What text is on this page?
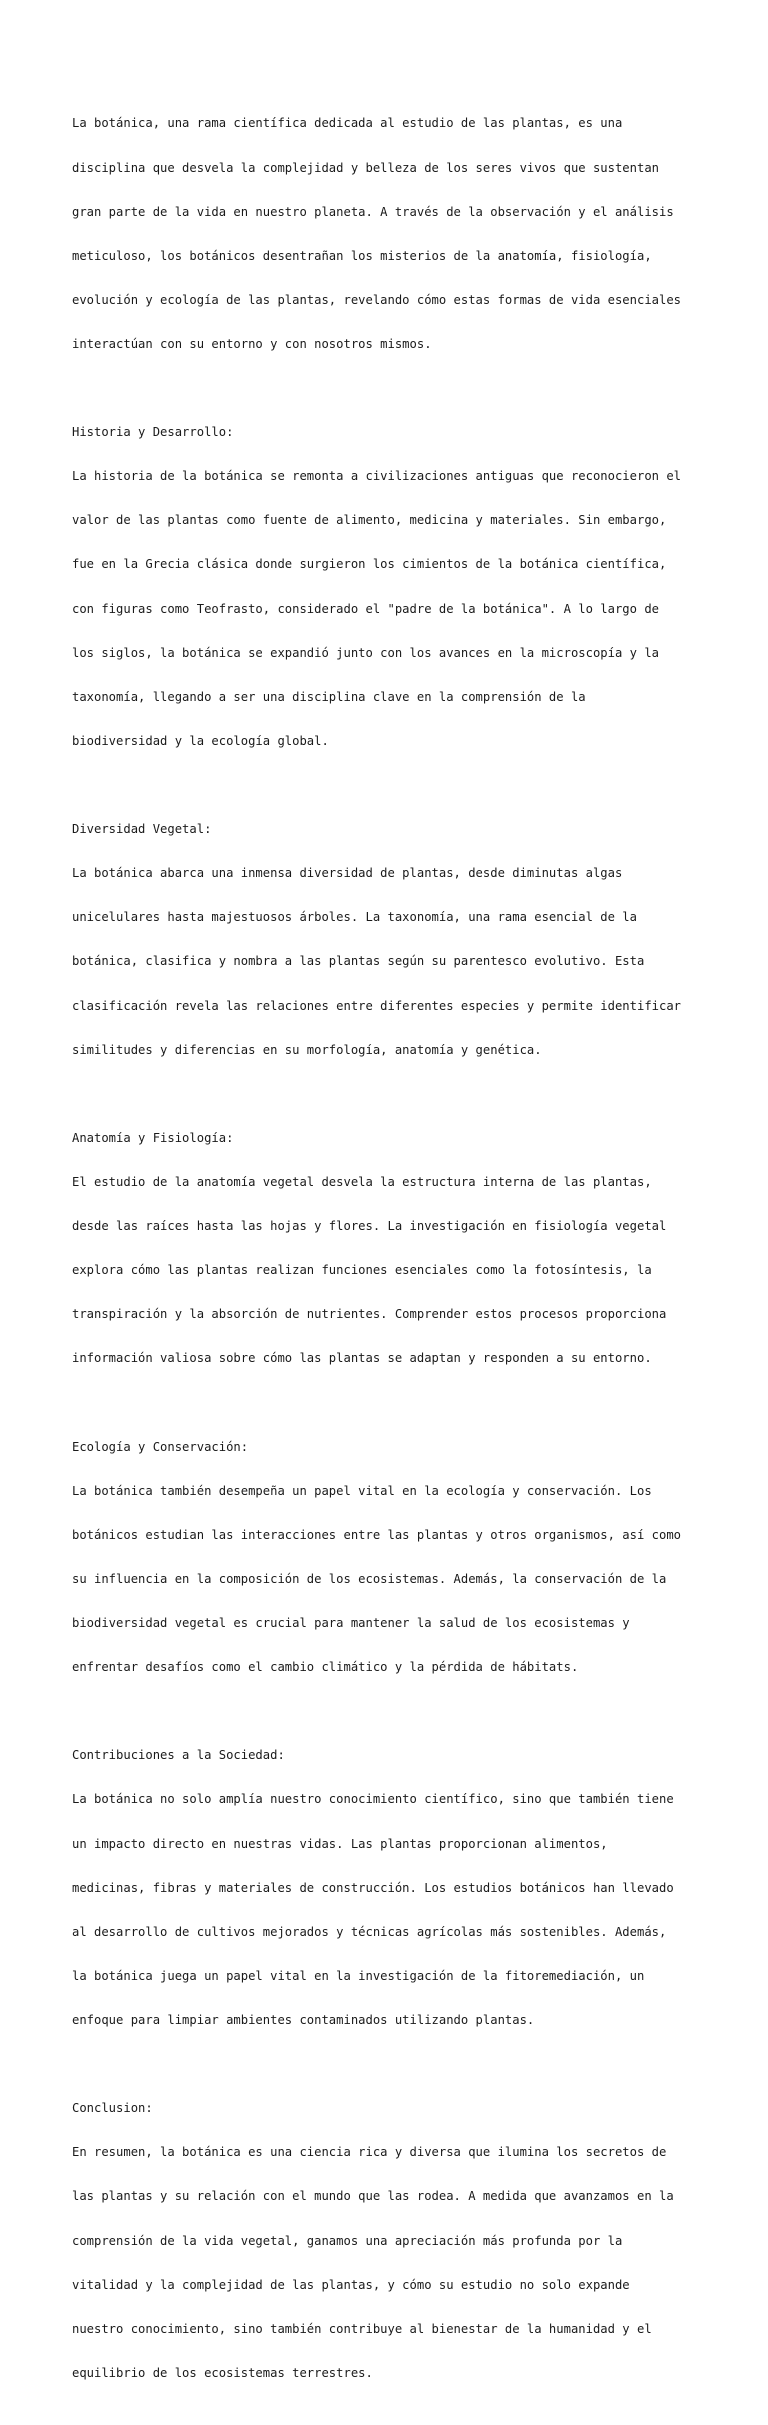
La botánica, una rama científica dedicada al estudio de las plantas, es una

disciplina que desvela la complejidad y belleza de los seres vivos que sustentan

gran parte de la vida en nuestro planeta. A través de la observación y el análisis

meticuloso, los botánicos desentrañan los misterios de la anatomía, fisiología,

evolución y ecología de las plantas, revelando cómo estas formas de vida esenciales

interactúan con su entorno y con nosotros mismos.

Historia y Desarrollo:

La historia de la botánica se remonta a civilizaciones antiguas que reconocieron el

valor de las plantas como fuente de alimento, medicina y materiales. Sin embargo,

fue en la Grecia clásica donde surgieron los cimientos de la botánica científica,

con figuras como Teofrasto, considerado el "padre de la botánica". A lo largo de

los siglos, la botánica se expandió junto con los avances en la microscopía y la

taxonomía, llegando a ser una disciplina clave en la comprensión de la

biodiversidad y la ecología global.

Diversidad Vegetal:

La botánica abarca una inmensa diversidad de plantas, desde diminutas algas

unicelulares hasta majestuosos árboles. La taxonomía, una rama esencial de la

botánica, clasifica y nombra a las plantas según su parentesco evolutivo. Esta

clasificación revela las relaciones entre diferentes especies y permite identificar

similitudes y diferencias en su morfología, anatomía y genética.

Anatomía y Fisiología:

El estudio de la anatomía vegetal desvela la estructura interna de las plantas,

desde las raíces hasta las hojas y flores. La investigación en fisiología vegetal

explora cómo las plantas realizan funciones esenciales como la fotosíntesis, la

transpiración y la absorción de nutrientes. Comprender estos procesos proporciona

información valiosa sobre cómo las plantas se adaptan y responden a su entorno.

Ecología y Conservación:

La botánica también desempeña un papel vital en la ecología y conservación. Los

botánicos estudian las interacciones entre las plantas y otros organismos, así como

su influencia en la composición de los ecosistemas. Además, la conservación de la

biodiversidad vegetal es crucial para mantener la salud de los ecosistemas y

enfrentar desafíos como el cambio climático y la pérdida de hábitats.

Contribuciones a la Sociedad:

La botánica no solo amplía nuestro conocimiento científico, sino que también tiene

un impacto directo en nuestras vidas. Las plantas proporcionan alimentos,

medicinas, fibras y materiales de construcción. Los estudios botánicos han llevado

al desarrollo de cultivos mejorados y técnicas agrícolas más sostenibles. Además,

la botánica juega un papel vital en la investigación de la fitoremediación, un

enfoque para limpiar ambientes contaminados utilizando plantas.

Conclusion:

En resumen, la botánica es una ciencia rica y diversa que ilumina los secretos de

las plantas y su relación con el mundo que las rodea. A medida que avanzamos en la

comprensión de la vida vegetal, ganamos una apreciación más profunda por la

vitalidad y la complejidad de las plantas, y cómo su estudio no solo expande

nuestro conocimiento, sino también contribuye al bienestar de la humanidad y el

equilibrio de los ecosistemas terrestres.
